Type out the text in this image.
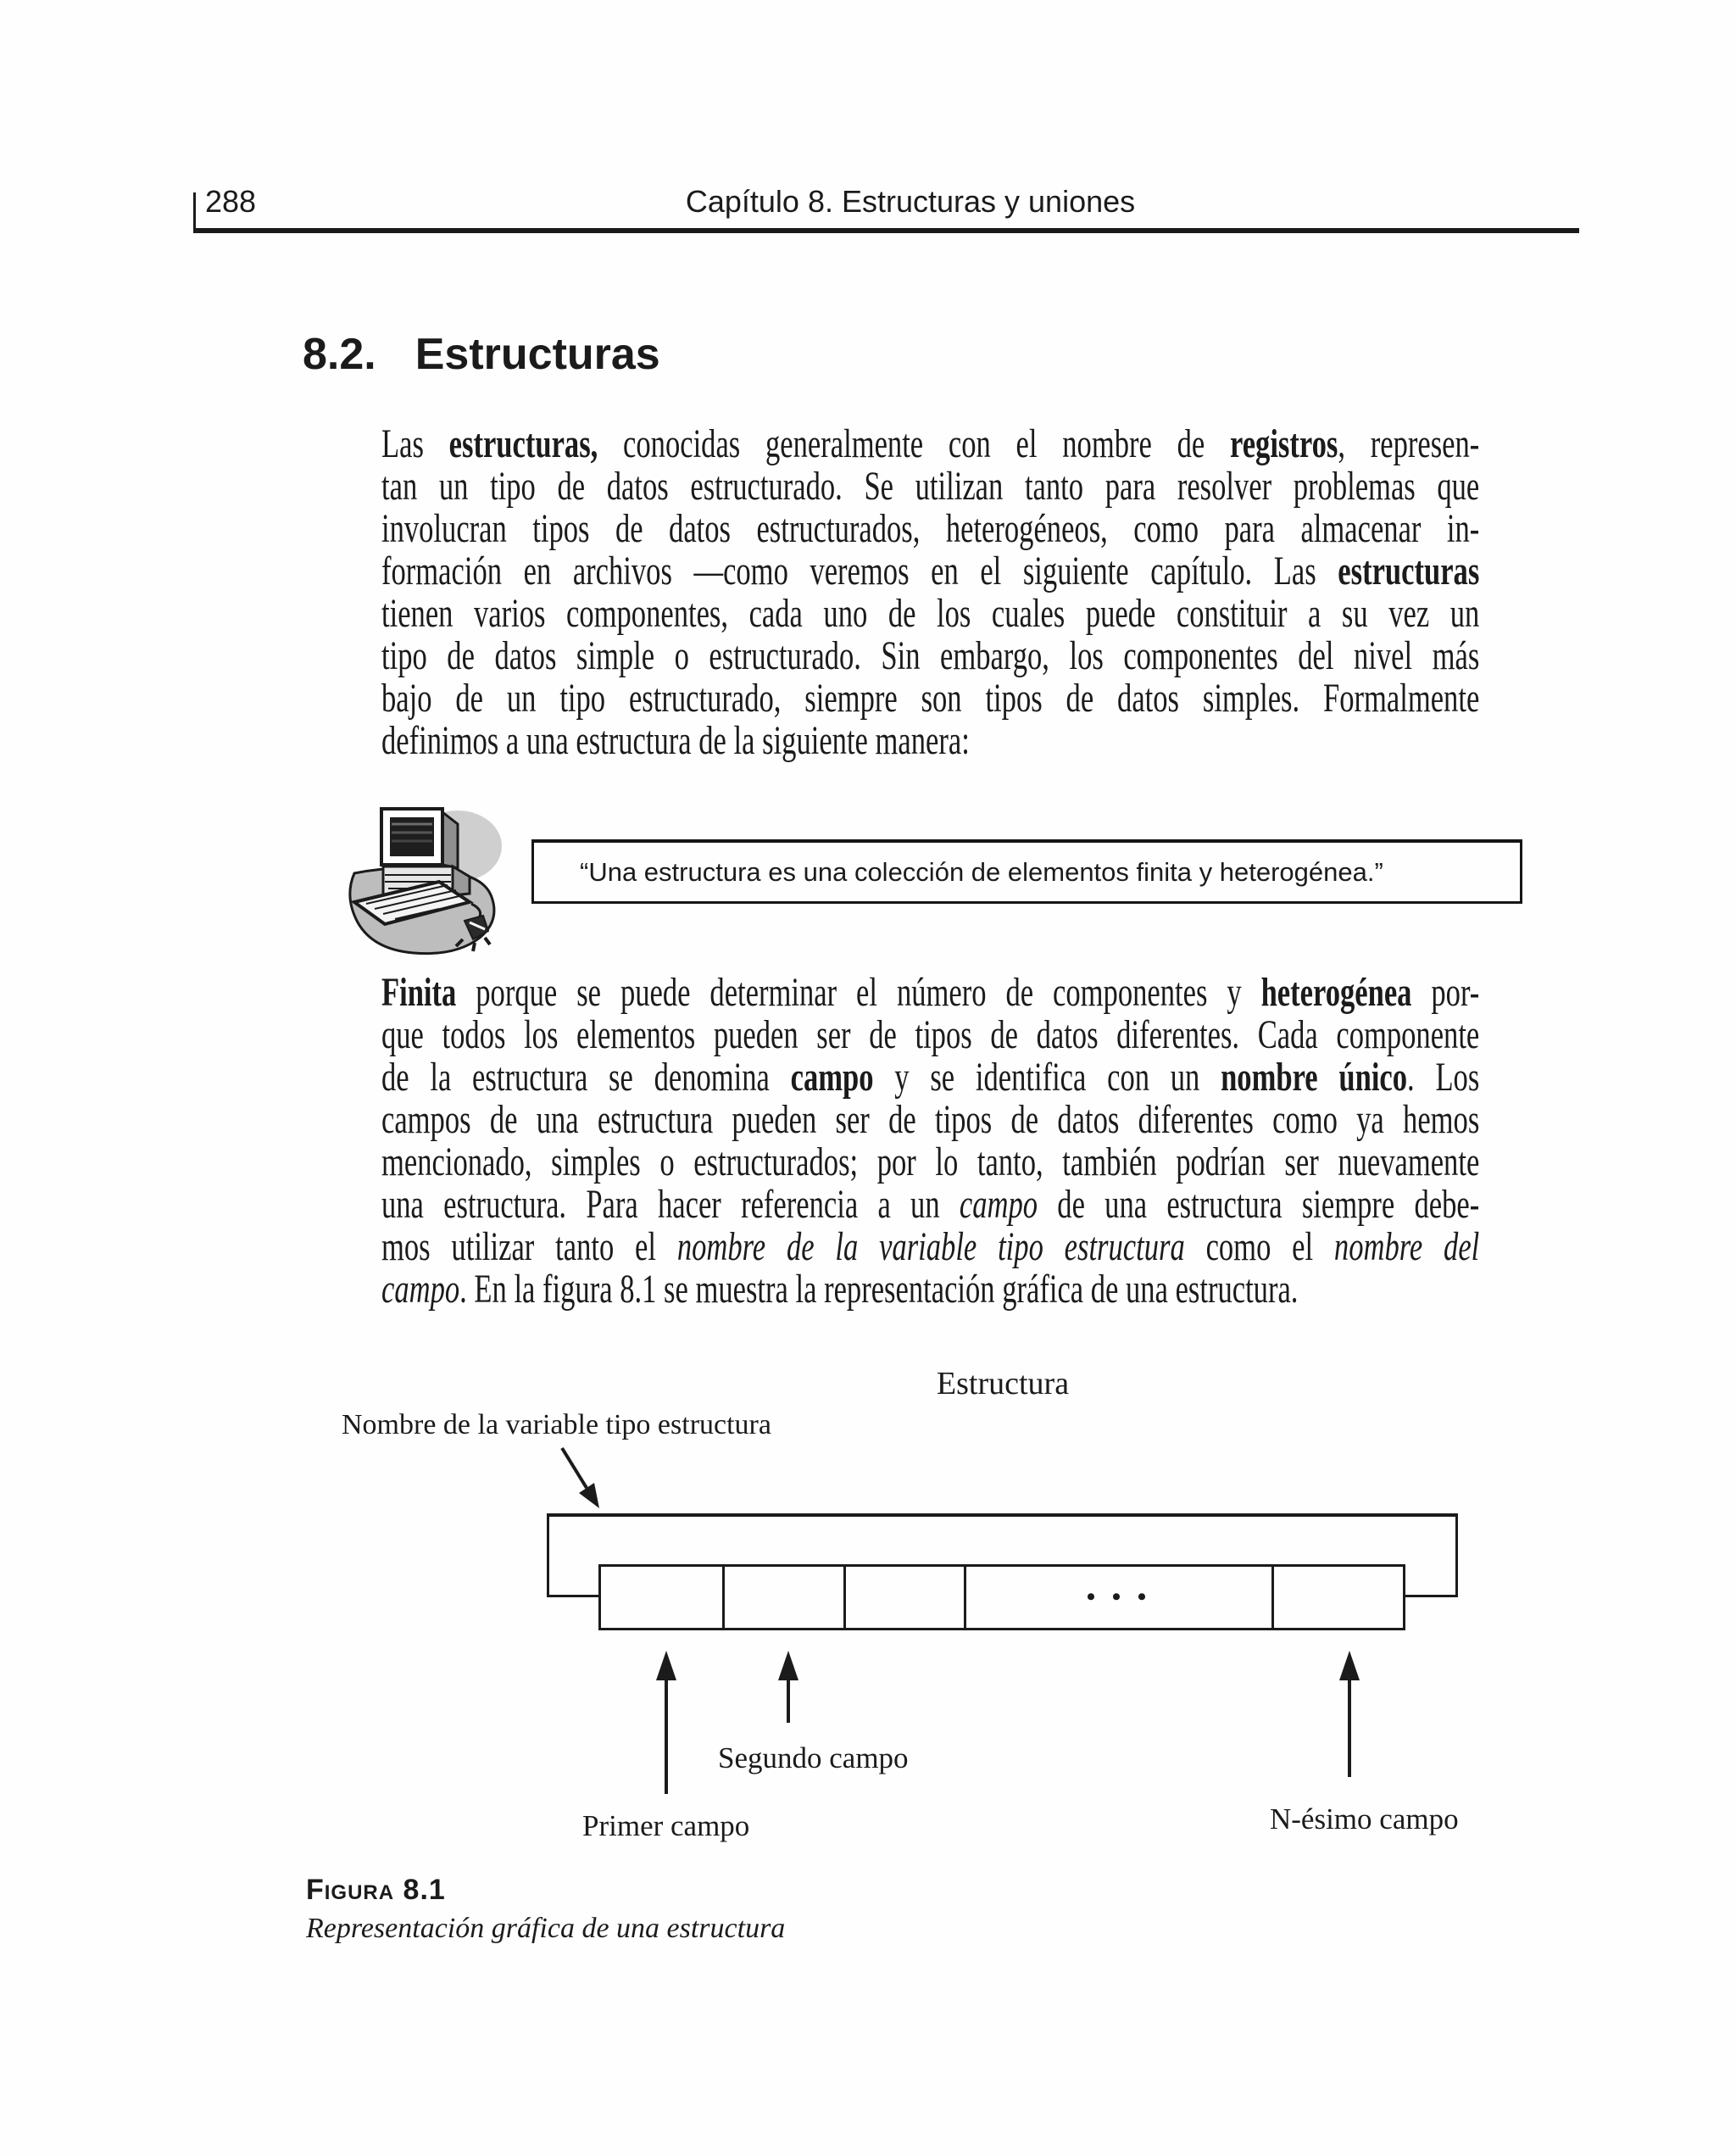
288	Capítulo 8. Estructuras y uniones
8.2. Estructuras
Las estructuras, conocidas generalmente con el nombre de registros, represen-
tan un tipo de datos estructurado. Se utilizan tanto para resolver problemas que
involucran tipos de datos estructurados, heterogéneos, como para almacenar in-
formación en archivos —como veremos en el siguiente capítulo. Las estructuras
tienen varios componentes, cada uno de los cuales puede constituir a su vez un
tipo de datos simple o estructurado. Sin embargo, los componentes del nivel más
bajo de un tipo estructurado, siempre son tipos de datos simples. Formalmente
definimos a una estructura de la siguiente manera:
“Una estructura es una colección de elementos finita y heterogénea.”
Finita porque se puede determinar el número de componentes y heterogénea por-
que todos los elementos pueden ser de tipos de datos diferentes. Cada componente
de la estructura se denomina campo y se identifica con un nombre único. Los
campos de una estructura pueden ser de tipos de datos diferentes como ya hemos
mencionado, simples o estructurados; por lo tanto, también podrían ser nuevamente
una estructura. Para hacer referencia a un campo de una estructura siempre debe-
mos utilizar tanto el nombre de la variable tipo estructura como el nombre del
campo. En la figura 8.1 se muestra la representación gráfica de una estructura.
Estructura
Nombre de la variable tipo estructura
• • •
Segundo campo
Primer campo	N-ésimo campo
Figura 8.1
Representación gráfica de una estructura
